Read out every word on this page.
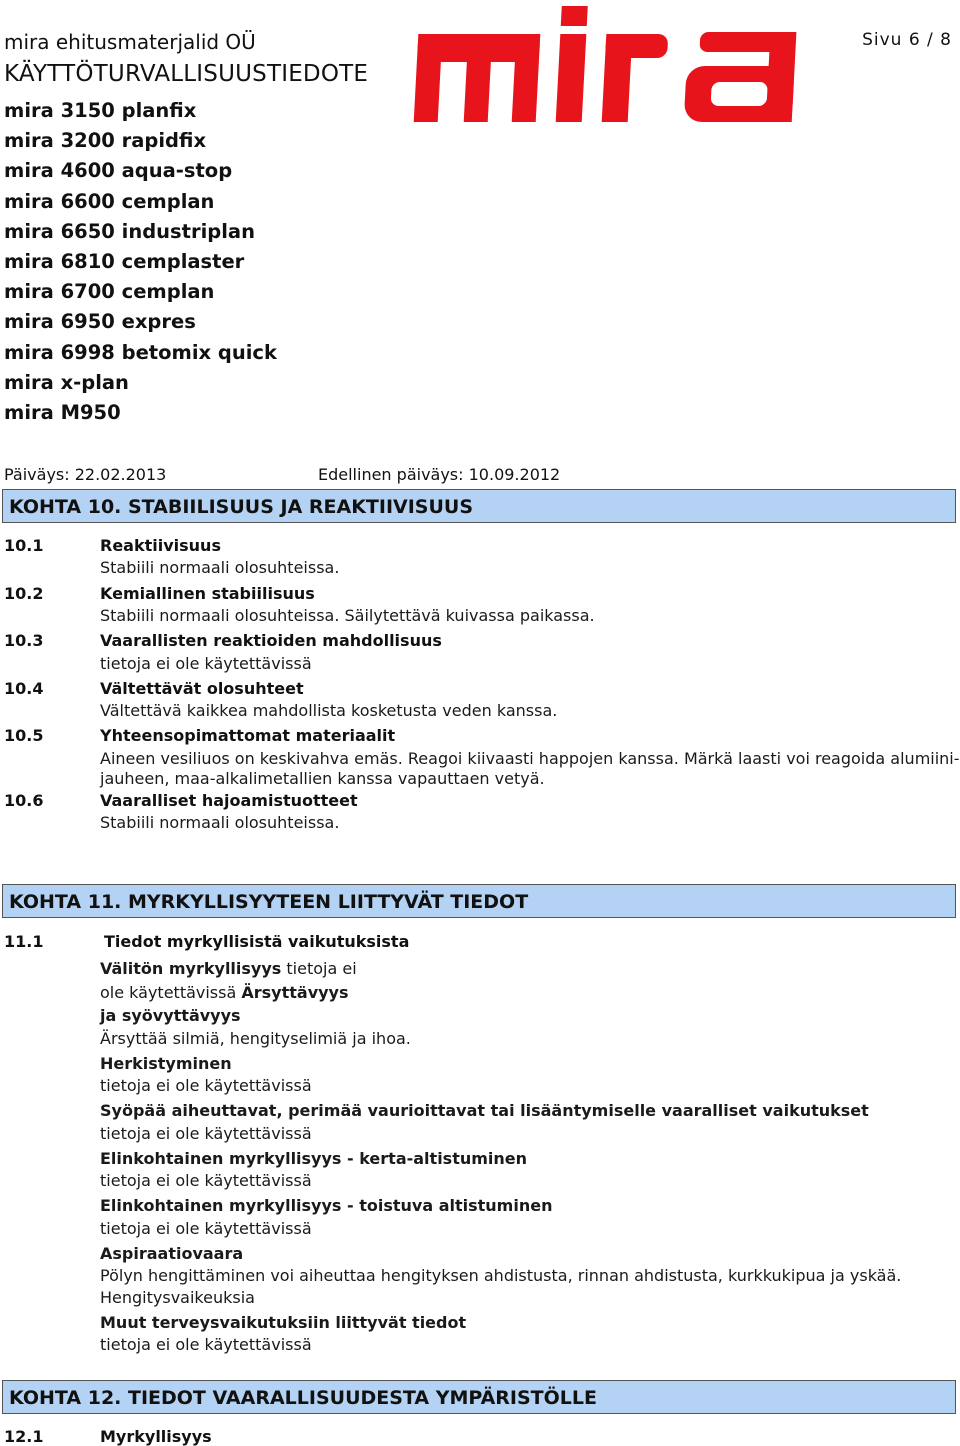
mira ehitusmaterjalid OÜ
KÄYTTÖTURVALLISUUSTIEDOTE
mira 3150 planfix
mira 3200 rapidfix
mira 4600 aqua-stop
mira 6600 cemplan
mira 6650 industriplan
mira 6810 cemplaster
mira 6700 cemplan
mira 6950 expres
mira 6998 betomix quick
mira x-plan
mira M950
Sivu 6 / 8
Päiväys: 22.02.2013	Edellinen päiväys: 10.09.2012
KOHTA 10. STABIILISUUS JA REAKTIIVISUUS
10.1	Reaktiivisuus
Stabiili normaali olosuhteissa.
10.2	Kemiallinen stabiilisuus
Stabiili normaali olosuhteissa. Säilytettävä kuivassa paikassa.
10.3	Vaarallisten reaktioiden mahdollisuus
tietoja ei ole käytettävissä
10.4	Vältettävät olosuhteet
Vältettävä kaikkea mahdollista kosketusta veden kanssa.
10.5	Yhteensopimattomat materiaalit
Aineen vesiliuos on keskivahva emäs. Reagoi kiivaasti happojen kanssa. Märkä laasti voi reagoida alumiini-
jauheen, maa-alkalimetallien kanssa vapauttaen vetyä.
10.6	Vaaralliset hajoamistuotteet
Stabiili normaali olosuhteissa.
KOHTA 11. MYRKYLLISYYTEEN LIITTYVÄT TIEDOT
11.1	Tiedot myrkyllisistä vaikutuksista
Välitön myrkyllisyys tietoja ei
ole käytettävissä Ärsyttävyys
ja syövyttävyys
Ärsyttää silmiä, hengityselimiä ja ihoa.
Herkistyminen
tietoja ei ole käytettävissä
Syöpää aiheuttavat, perimää vaurioittavat tai lisääntymiselle vaaralliset vaikutukset
tietoja ei ole käytettävissä
Elinkohtainen myrkyllisyys - kerta-altistuminen
tietoja ei ole käytettävissä
Elinkohtainen myrkyllisyys - toistuva altistuminen
tietoja ei ole käytettävissä
Aspiraatiovaara
Pölyn hengittäminen voi aiheuttaa hengityksen ahdistusta, rinnan ahdistusta, kurkkukipua ja yskää.
Hengitysvaikeuksia
Muut terveysvaikutuksiin liittyvät tiedot
tietoja ei ole käytettävissä
KOHTA 12. TIEDOT VAARALLISUUDESTA YMPÄRISTÖLLE
12.1	Myrkyllisyys
